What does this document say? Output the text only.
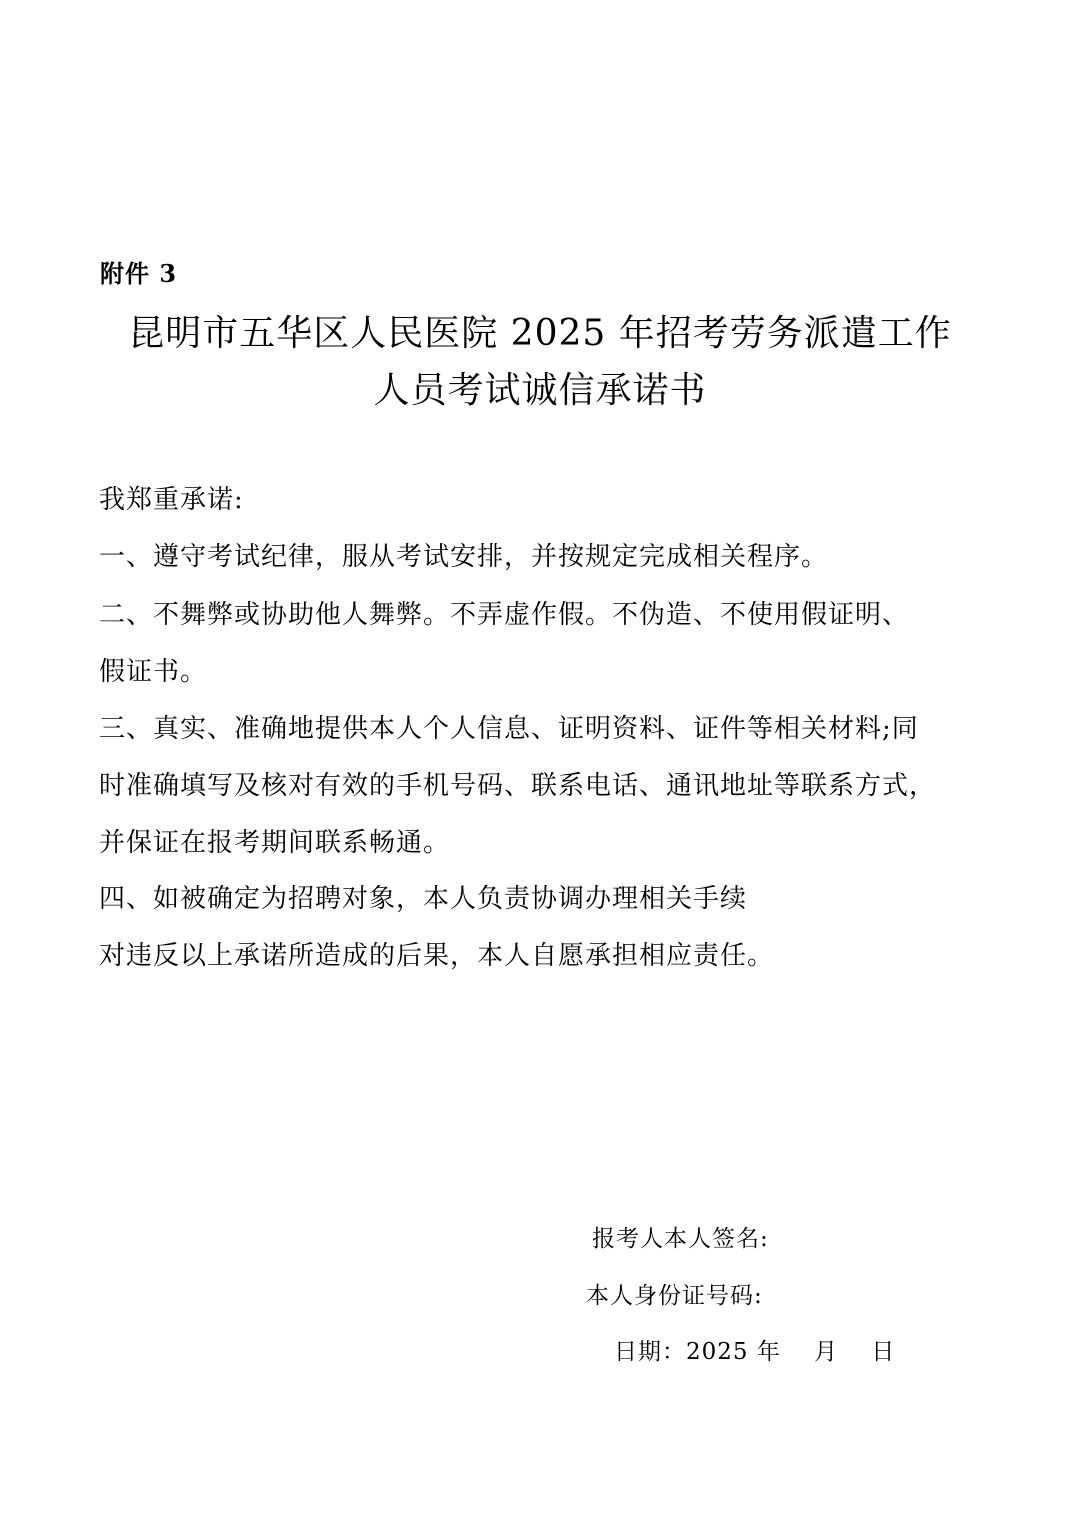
附件 3
昆明市五华区人民医院 2025 年招考劳务派遣工作
人员考试诚信承诺书
我郑重承诺:
一、遵守考试纪律，服从考试安排，并按规定完成相关程序。
二、不舞弊或协助他人舞弊。不弄虚作假。不伪造、不使用假证明、
假证书。
三、真实、准确地提供本人个人信息、证明资料、证件等相关材料;同
时准确填写及核对有效的手机号码、联系电话、通讯地址等联系方式，
并保证在报考期间联系畅通。
四、如被确定为招聘对象，本人负责协调办理相关手续
对违反以上承诺所造成的后果，本人自愿承担相应责任。
报考人本人签名:
本人身份证号码:
日期：2025 年    月    日
